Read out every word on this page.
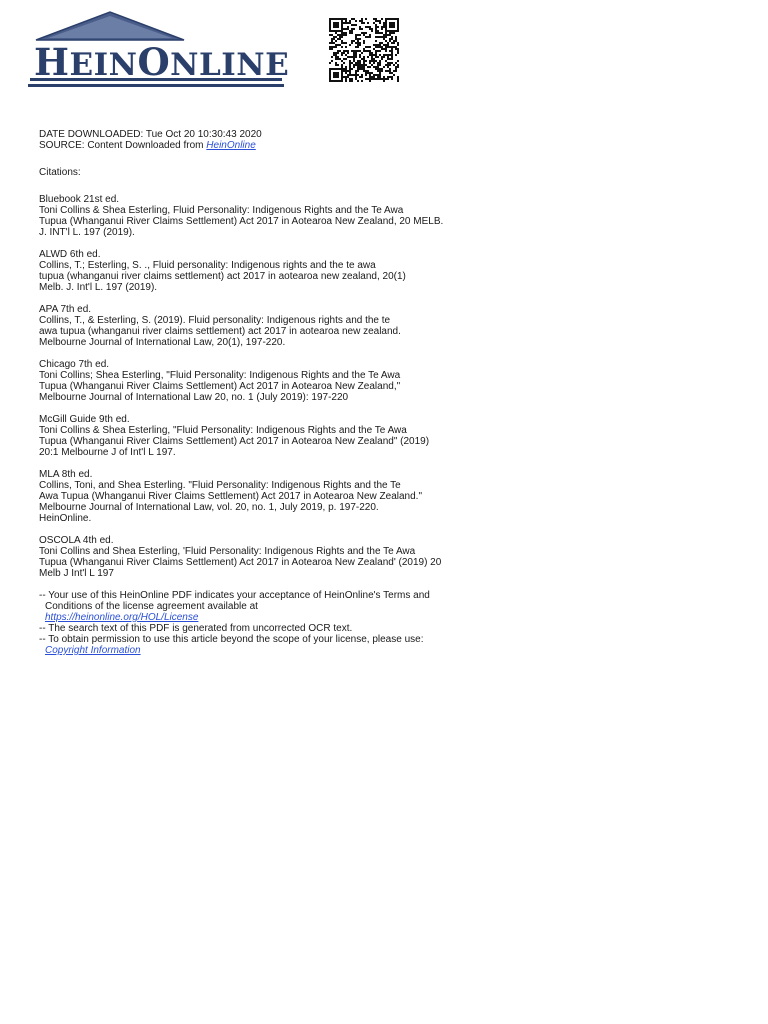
HEINONLINE
DATE DOWNLOADED: Tue Oct 20 10:30:43 2020
SOURCE: Content Downloaded from HeinOnline
Citations:
Bluebook 21st ed.
Toni Collins & Shea Esterling, Fluid Personality: Indigenous Rights and the Te Awa
Tupua (Whanganui River Claims Settlement) Act 2017 in Aotearoa New Zealand, 20 MELB.
J. INT'l L. 197 (2019).
ALWD 6th ed.
Collins, T.; Esterling, S. ., Fluid personality: Indigenous rights and the te awa
tupua (whanganui river claims settlement) act 2017 in aotearoa new zealand, 20(1)
Melb. J. Int'l L. 197 (2019).
APA 7th ed.
Collins, T., & Esterling, S. (2019). Fluid personality: Indigenous rights and the te
awa tupua (whanganui river claims settlement) act 2017 in aotearoa new zealand.
Melbourne Journal of International Law, 20(1), 197-220.
Chicago 7th ed.
Toni Collins; Shea Esterling, "Fluid Personality: Indigenous Rights and the Te Awa
Tupua (Whanganui River Claims Settlement) Act 2017 in Aotearoa New Zealand,"
Melbourne Journal of International Law 20, no. 1 (July 2019): 197-220
McGill Guide 9th ed.
Toni Collins & Shea Esterling, "Fluid Personality: Indigenous Rights and the Te Awa
Tupua (Whanganui River Claims Settlement) Act 2017 in Aotearoa New Zealand" (2019)
20:1 Melbourne J of Int'l L 197.
MLA 8th ed.
Collins, Toni, and Shea Esterling. "Fluid Personality: Indigenous Rights and the Te
Awa Tupua (Whanganui River Claims Settlement) Act 2017 in Aotearoa New Zealand."
Melbourne Journal of International Law, vol. 20, no. 1, July 2019, p. 197-220.
HeinOnline.
OSCOLA 4th ed.
Toni Collins and Shea Esterling, 'Fluid Personality: Indigenous Rights and the Te Awa
Tupua (Whanganui River Claims Settlement) Act 2017 in Aotearoa New Zealand' (2019) 20
Melb J Int'l L 197
-- Your use of this HeinOnline PDF indicates your acceptance of HeinOnline's Terms and
Conditions of the license agreement available at
https://heinonline.org/HOL/License
-- The search text of this PDF is generated from uncorrected OCR text.
-- To obtain permission to use this article beyond the scope of your license, please use:
Copyright Information
